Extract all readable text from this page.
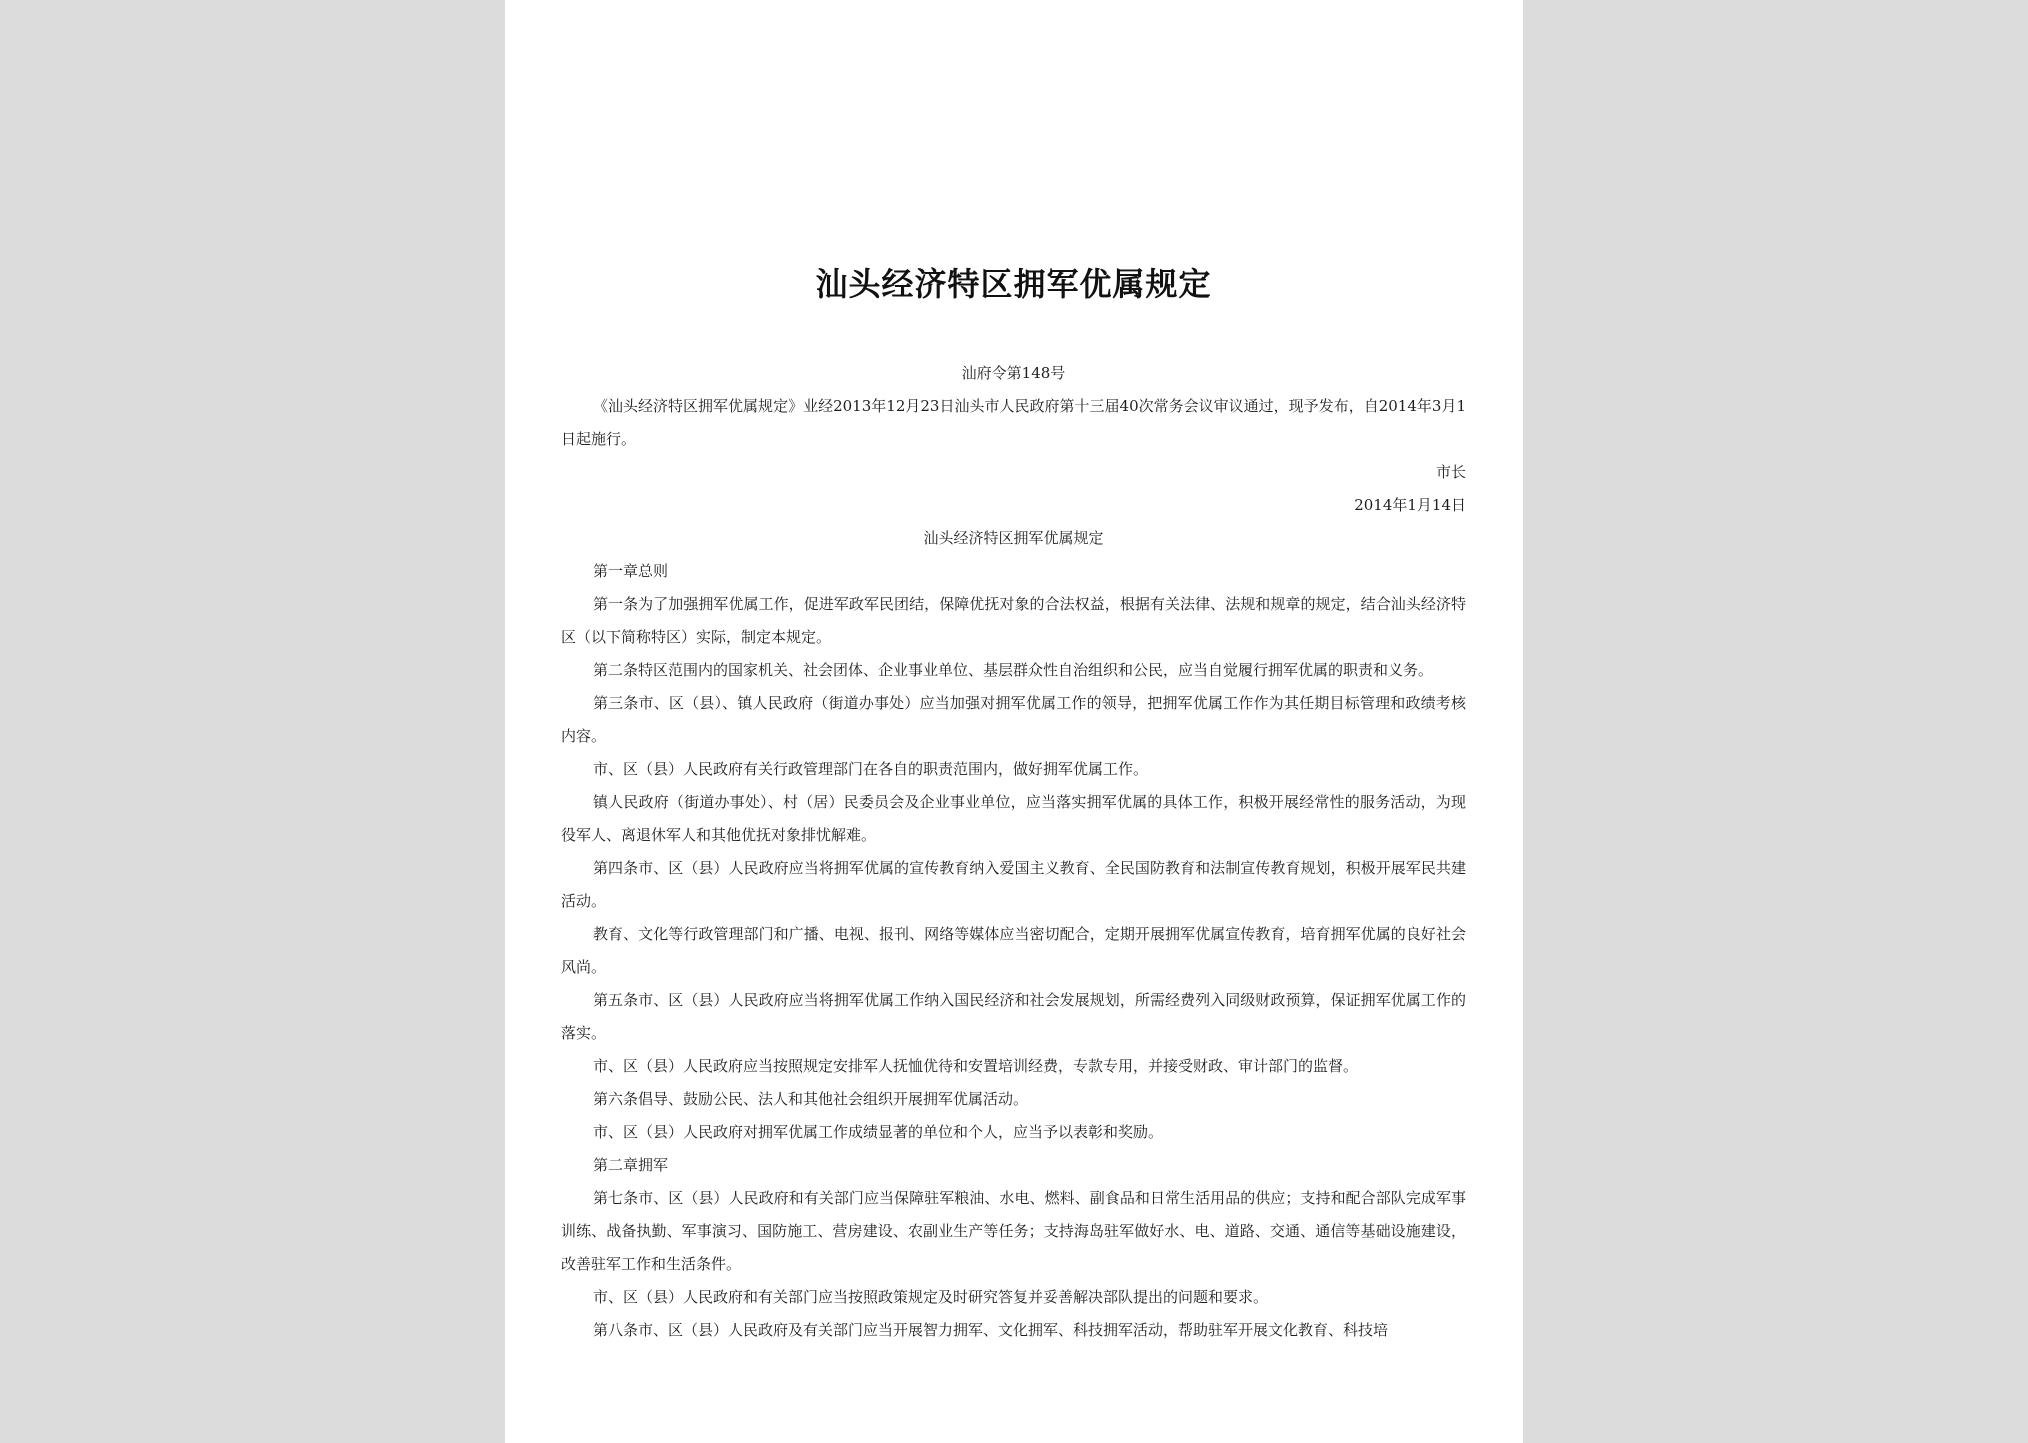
汕头经济特区拥军优属规定

汕府令第148号

《汕头经济特区拥军优属规定》业经2013年12月23日汕头市人民政府第十三届40次常务会议审议通过，现予发布，自2014年3月1日起施行。

市长

2014年1月14日

汕头经济特区拥军优属规定

第一章总则

第一条为了加强拥军优属工作，促进军政军民团结，保障优抚对象的合法权益，根据有关法律、法规和规章的规定，结合汕头经济特区（以下简称特区）实际，制定本规定。

第二条特区范围内的国家机关、社会团体、企业事业单位、基层群众性自治组织和公民，应当自觉履行拥军优属的职责和义务。

第三条市、区（县）、镇人民政府（街道办事处）应当加强对拥军优属工作的领导，把拥军优属工作作为其任期目标管理和政绩考核内容。

市、区（县）人民政府有关行政管理部门在各自的职责范围内，做好拥军优属工作。

镇人民政府（街道办事处）、村（居）民委员会及企业事业单位，应当落实拥军优属的具体工作，积极开展经常性的服务活动，为现役军人、离退休军人和其他优抚对象排忧解难。

第四条市、区（县）人民政府应当将拥军优属的宣传教育纳入爱国主义教育、全民国防教育和法制宣传教育规划，积极开展军民共建活动。

教育、文化等行政管理部门和广播、电视、报刊、网络等媒体应当密切配合，定期开展拥军优属宣传教育，培育拥军优属的良好社会风尚。

第五条市、区（县）人民政府应当将拥军优属工作纳入国民经济和社会发展规划，所需经费列入同级财政预算，保证拥军优属工作的落实。

市、区（县）人民政府应当按照规定安排军人抚恤优待和安置培训经费，专款专用，并接受财政、审计部门的监督。

第六条倡导、鼓励公民、法人和其他社会组织开展拥军优属活动。

市、区（县）人民政府对拥军优属工作成绩显著的单位和个人，应当予以表彰和奖励。

第二章拥军

第七条市、区（县）人民政府和有关部门应当保障驻军粮油、水电、燃料、副食品和日常生活用品的供应；支持和配合部队完成军事训练、战备执勤、军事演习、国防施工、营房建设、农副业生产等任务；支持海岛驻军做好水、电、道路、交通、通信等基础设施建设，改善驻军工作和生活条件。

市、区（县）人民政府和有关部门应当按照政策规定及时研究答复并妥善解决部队提出的问题和要求。

第八条市、区（县）人民政府及有关部门应当开展智力拥军、文化拥军、科技拥军活动，帮助驻军开展文化教育、科技培
